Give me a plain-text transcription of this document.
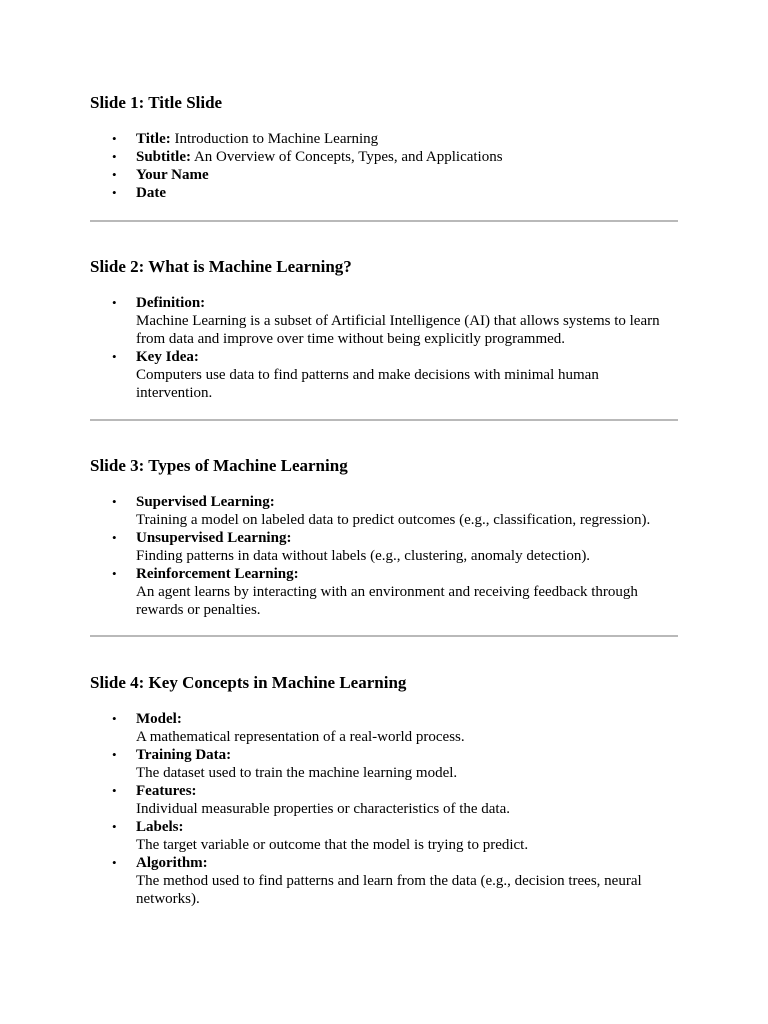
Slide 1: Title Slide
• Title: Introduction to Machine Learning
• Subtitle: An Overview of Concepts, Types, and Applications
• Your Name
• Date
Slide 2: What is Machine Learning?
• Definition:
Machine Learning is a subset of Artificial Intelligence (AI) that allows systems to learn from data and improve over time without being explicitly programmed.
• Key Idea:
Computers use data to find patterns and make decisions with minimal human intervention.
Slide 3: Types of Machine Learning
• Supervised Learning:
Training a model on labeled data to predict outcomes (e.g., classification, regression).
• Unsupervised Learning:
Finding patterns in data without labels (e.g., clustering, anomaly detection).
• Reinforcement Learning:
An agent learns by interacting with an environment and receiving feedback through rewards or penalties.
Slide 4: Key Concepts in Machine Learning
• Model:
A mathematical representation of a real-world process.
• Training Data:
The dataset used to train the machine learning model.
• Features:
Individual measurable properties or characteristics of the data.
• Labels:
The target variable or outcome that the model is trying to predict.
• Algorithm:
The method used to find patterns and learn from the data (e.g., decision trees, neural networks).
